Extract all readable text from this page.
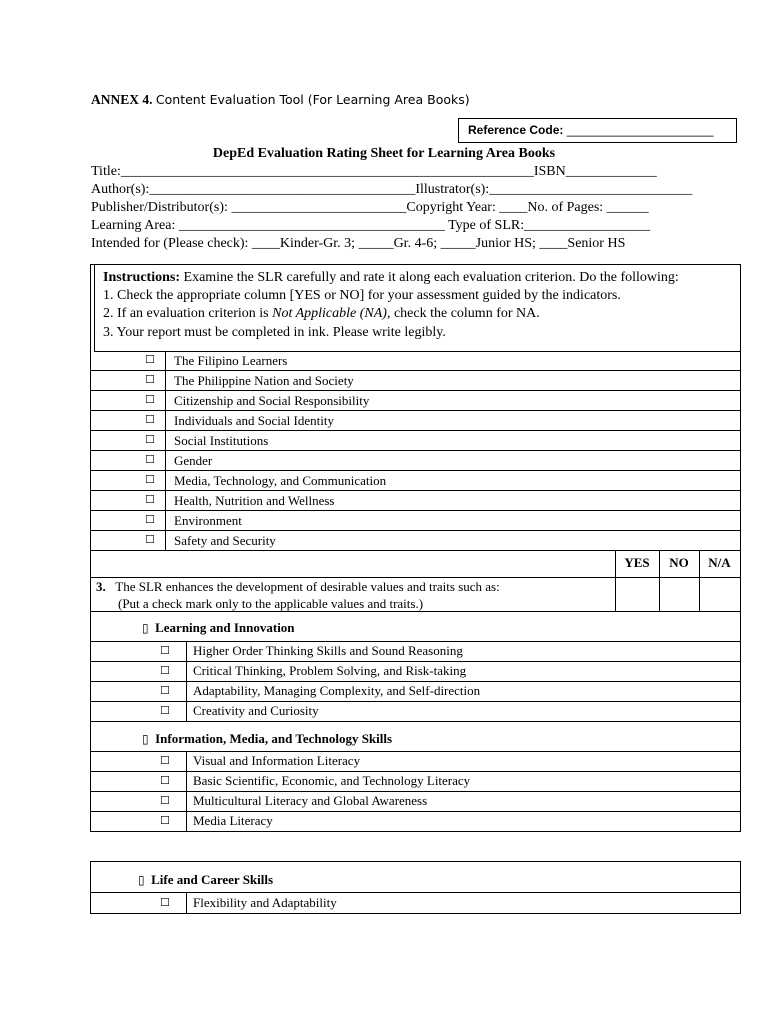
ANNEX 4. Content Evaluation Tool (For Learning Area Books)
Reference Code: ______________________
DepEd Evaluation Rating Sheet for Learning Area Books
Title:___________________________________________________________ISBN_____________
Author(s):______________________________________Illustrator(s):_____________________________
Publisher/Distributor(s): _________________________Copyright Year: ____No. of Pages: ______
Learning Area: ______________________________________ Type of SLR:__________________
Intended for (Please check): ____Kinder-Gr. 3; _____Gr. 4-6; _____Junior HS; ____Senior HS
Instructions: Examine the SLR carefully and rate it along each evaluation criterion. Do the following:
1. Check the appropriate column [YES or NO] for your assessment guided by the indicators.
2. If an evaluation criterion is Not Applicable (NA), check the column for NA.
3. Your report must be completed in ink. Please write legibly.
☐
☐
☐
☐
☐
☐
☐
☐
☐
☐
The Filipino Learners
The Philippine Nation and Society
Citizenship and Social Responsibility
Individuals and Social Identity
Social Institutions
Gender
Media, Technology, and Communication
Health, Nutrition and Wellness
Environment
Safety and Security
YES	NO	N/A
3. The SLR enhances the development of desirable values and traits such as:
(Put a check mark only to the applicable values and traits.)
▯ Learning and Innovation
☐
☐
☐
☐
Higher Order Thinking Skills and Sound Reasoning
Critical Thinking, Problem Solving, and Risk-taking
Adaptability, Managing Complexity, and Self-direction
Creativity and Curiosity
▯ Information, Media, and Technology Skills
☐
☐
☐
☐
Visual and Information Literacy
Basic Scientific, Economic, and Technology Literacy
Multicultural Literacy and Global Awareness
Media Literacy
▯ Life and Career Skills
☐ Flexibility and Adaptability
